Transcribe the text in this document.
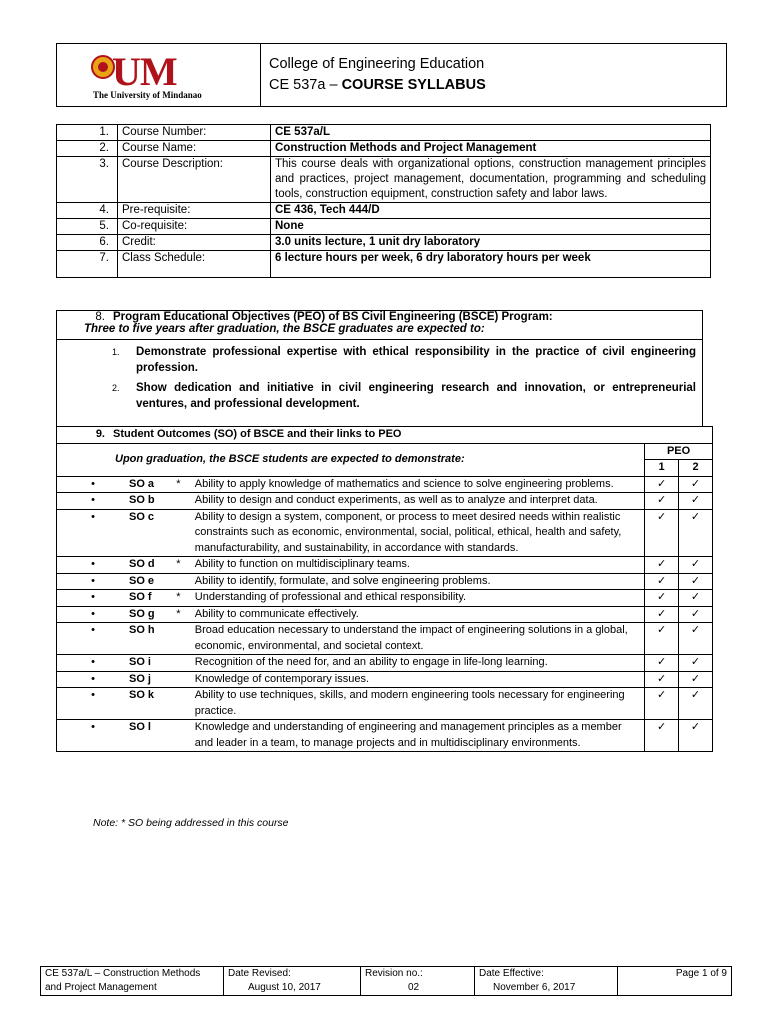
UM
The University of Mindanao
College of Engineering Education
CE 537a – COURSE SYLLABUS
1.	Course Number:	CE 537a/L
2.	Course Name:	Construction Methods and Project Management
3.	Course Description:	This course deals with organizational options, construction management principles and practices, project management, documentation, programming and scheduling tools, construction equipment, construction safety and labor laws.
4.	Pre-requisite:	CE 436, Tech 444/D
5.	Co-requisite:	None
6.	Credit:	3.0 units lecture, 1 unit dry laboratory
7.	Class Schedule:	6 lecture hours per week, 6 dry laboratory hours per week
8. Program Educational Objectives (PEO) of BS Civil Engineering (BSCE) Program:
Three to five years after graduation, the BSCE graduates are expected to:
1. Demonstrate professional expertise with ethical responsibility in the practice of civil engineering profession.
2. Show dedication and initiative in civil engineering research and innovation, or entrepreneurial ventures, and professional development.
9. Student Outcomes (SO) of BSCE and their links to PEO					
Upon graduation, the BSCE students are expected to demonstrate:				PEO	
				1	2
•	SO a	*	Ability to apply knowledge of mathematics and science to solve engineering problems.	✓	✓
•	SO b		Ability to design and conduct experiments, as well as to analyze and interpret data.	✓	✓
•	SO c		Ability to design a system, component, or process to meet desired needs within realistic constraints such as economic, environmental, social, political, ethical, health and safety, manufacturability, and sustainability, in accordance with standards.	✓	✓
•	SO d	*	Ability to function on multidisciplinary teams.	✓	✓
•	SO e		Ability to identify, formulate, and solve engineering problems.	✓	✓
•	SO f	*	Understanding of professional and ethical responsibility.	✓	✓
•	SO g	*	Ability to communicate effectively.	✓	✓
•	SO h		Broad education necessary to understand the impact of engineering solutions in a global, economic, environmental, and societal context.	✓	✓
•	SO i		Recognition of the need for, and an ability to engage in life-long learning.	✓	✓
•	SO j		Knowledge of contemporary issues.	✓	✓
•	SO k		Ability to use techniques, skills, and modern engineering tools necessary for engineering practice.	✓	✓
•	SO l		Knowledge and understanding of engineering and management principles as a member and leader in a team, to manage projects and in multidisciplinary environments.	✓	✓
Note: * SO being addressed in this course
CE 537a/L – Construction Methods and Project Management	
Date Revised:
August 10, 2017

Revision no.:
02

Date Effective:
November 6, 2017
	Page 1 of 9
